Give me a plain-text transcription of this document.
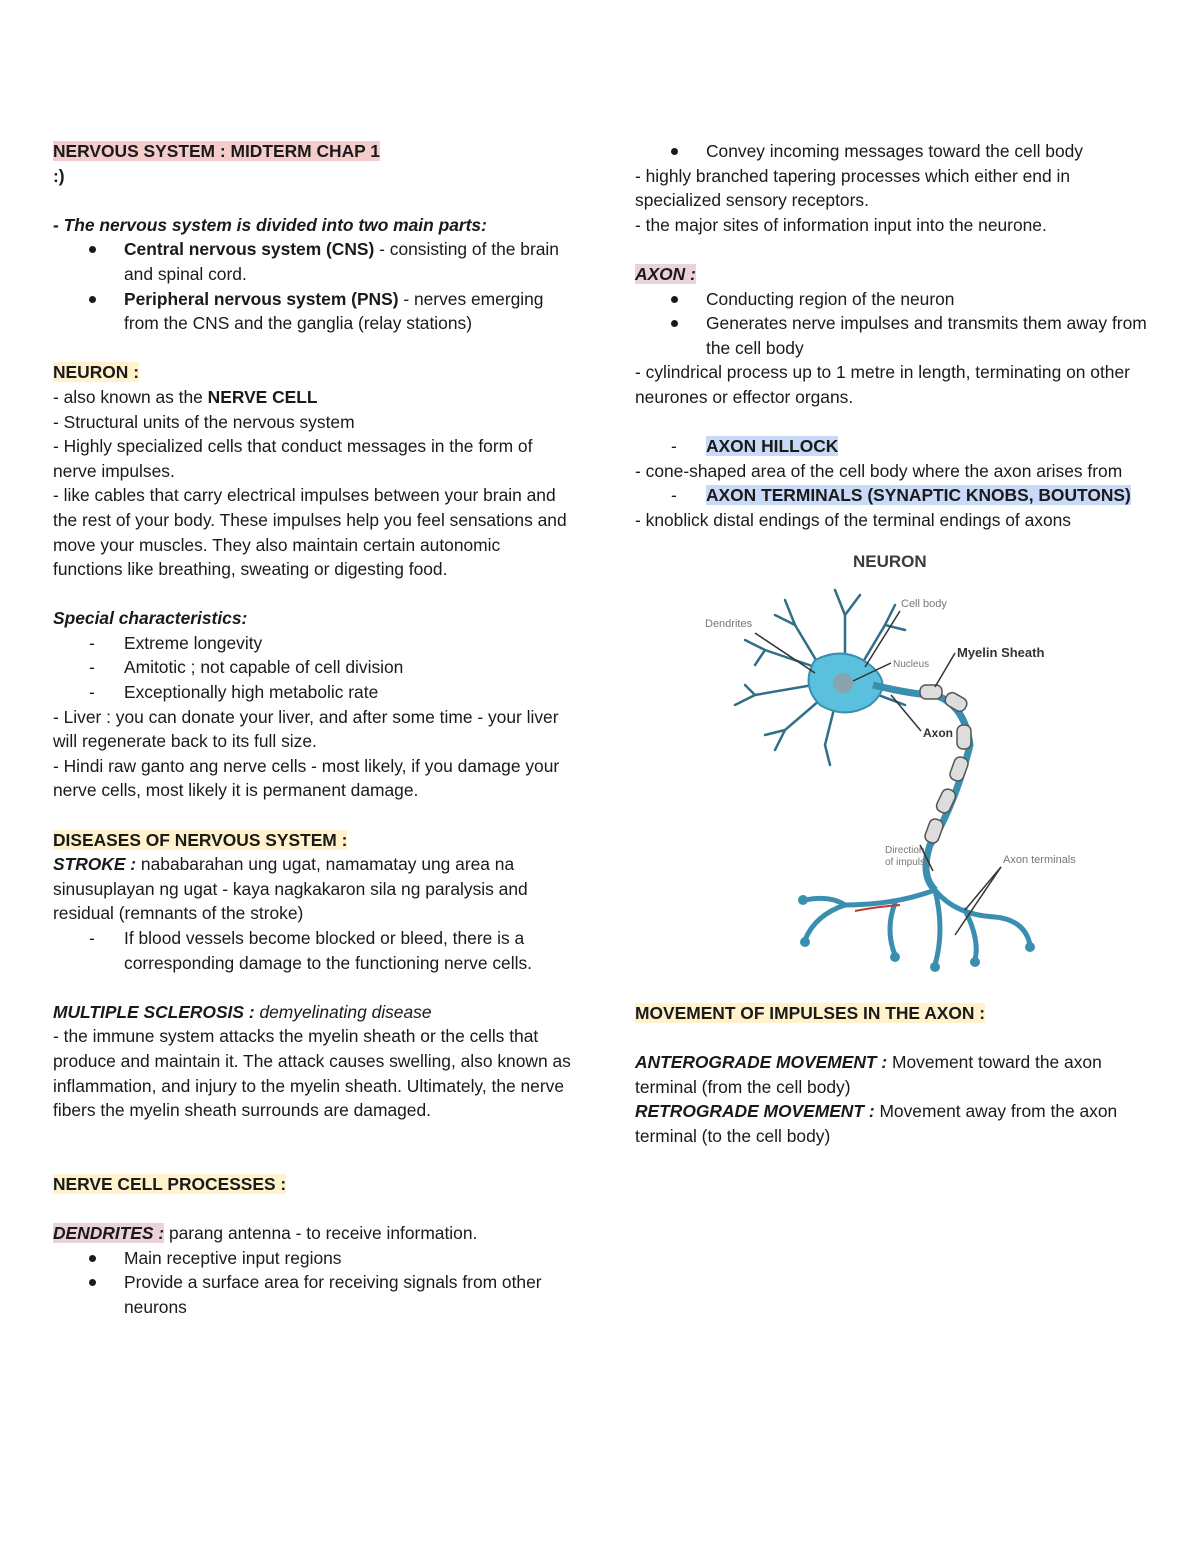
NERVOUS SYSTEM : MIDTERM CHAP 1

:)

- The nervous system is divided into two main parts:

Central nervous system (CNS) - consisting of the brain and spinal cord.
Peripheral nervous system (PNS) - nerves emerging from the CNS and the ganglia (relay stations)

NEURON :

- also known as the NERVE CELL

- Structural units of the nervous system

- Highly specialized cells that conduct messages in the form of nerve impulses.

- like cables that carry electrical impulses between your brain and the rest of your body. These impulses help you feel sensations and move your muscles. They also maintain certain autonomic functions like breathing, sweating or digesting food.

Special characteristics:

-	Extreme longevity
-	Amitotic ; not capable of cell division
-	Exceptionally high metabolic rate

- Liver : you can donate your liver, and after some time - your liver will regenerate back to its full size.

- Hindi raw ganto ang nerve cells - most likely, if you damage your nerve cells, most likely it is permanent damage.

DISEASES OF NERVOUS SYSTEM :

STROKE : nababarahan ung ugat, namamatay ung area na sinusuplayan ng ugat - kaya nagkakaron sila ng paralysis and residual (remnants of the stroke)

-	If blood vessels become blocked or bleed, there is a corresponding damage to the functioning nerve cells.

MULTIPLE SCLEROSIS : demyelinating disease

- the immune system attacks the myelin sheath or the cells that produce and maintain it. The attack causes swelling, also known as inflammation, and injury to the myelin sheath. Ultimately, the nerve fibers the myelin sheath surrounds are damaged.

NERVE CELL PROCESSES :

DENDRITES : parang antenna - to receive information.

Main receptive input regions
Provide a surface area for receiving signals from other neurons
Convey incoming messages toward the cell body

- highly branched tapering processes which either end in specialized sensory receptors.

- the major sites of information input into the neurone.

AXON :

Conducting region of the neuron
Generates nerve impulses and transmits them away from the cell body

- cylindrical process up to 1 metre in length, terminating on other neurones or effector organs.

-	AXON HILLOCK

- cone-shaped area of the cell body where the axon arises from

-	AXON TERMINALS (SYNAPTIC KNOBS, BOUTONS)

- knoblick distal endings of the terminal endings of axons

NEURON
Dendrites
Cell body
Nucleus
Myelin Sheath
Axon
Direction
of impulse	Axon terminals

MOVEMENT OF IMPULSES IN THE AXON :

ANTEROGRADE MOVEMENT : Movement toward the axon terminal (from the cell body)

RETROGRADE MOVEMENT : Movement away from the axon terminal (to the cell body)
